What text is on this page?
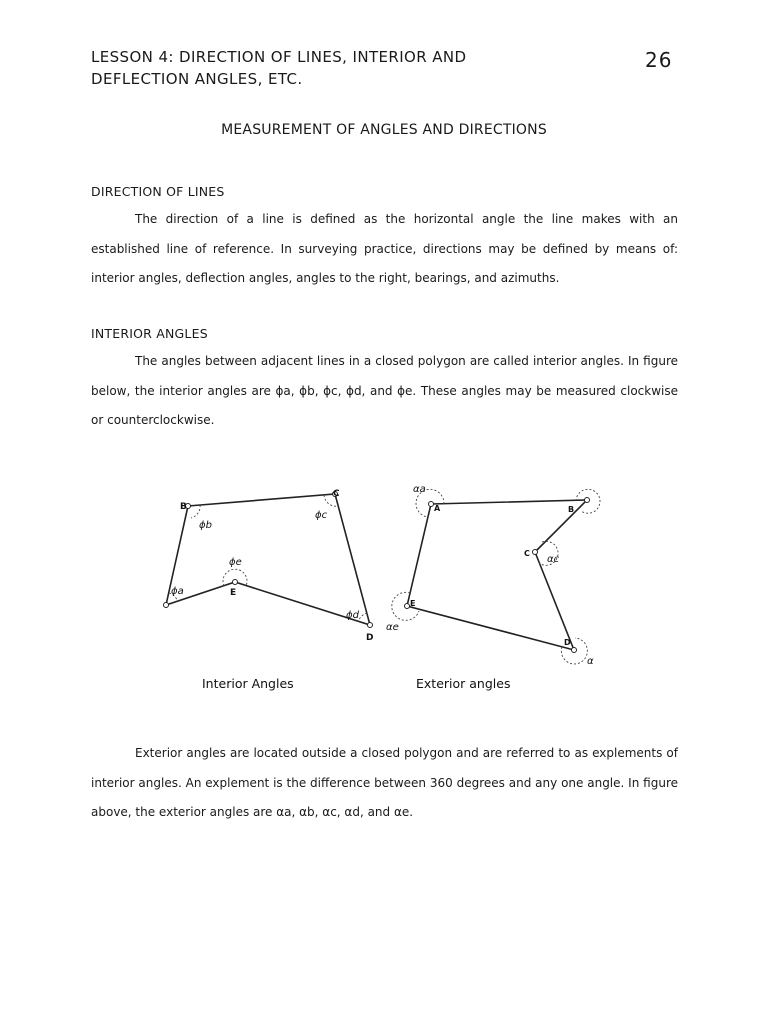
LESSON 4: DIRECTION OF LINES, INTERIOR AND
DEFLECTION ANGLES, ETC.
26
MEASUREMENT OF ANGLES AND DIRECTIONS
DIRECTION OF LINES
The direction of a line is defined as the horizontal angle the line makes with an established line of reference. In surveying practice, directions may be defined by means of: interior angles, deflection angles, angles to the right, bearings, and azimuths.
INTERIOR ANGLES
The angles between adjacent lines in a closed polygon are called interior angles. In figure below, the interior angles are ϕa, ϕb, ϕc, ϕd, and ϕe. These angles may be measured clockwise or counterclockwise.
B
C
E
D
ϕb
ϕc
ϕe
ϕa
ϕd
A	B
C
E
D
αa
αc
αe
α
Interior Angles	Exterior angles
Exterior angles are located outside a closed polygon and are referred to as explements of interior angles. An explement is the difference between 360 degrees and any one angle. In figure above, the exterior angles are αa, αb, αc, αd, and αe.
